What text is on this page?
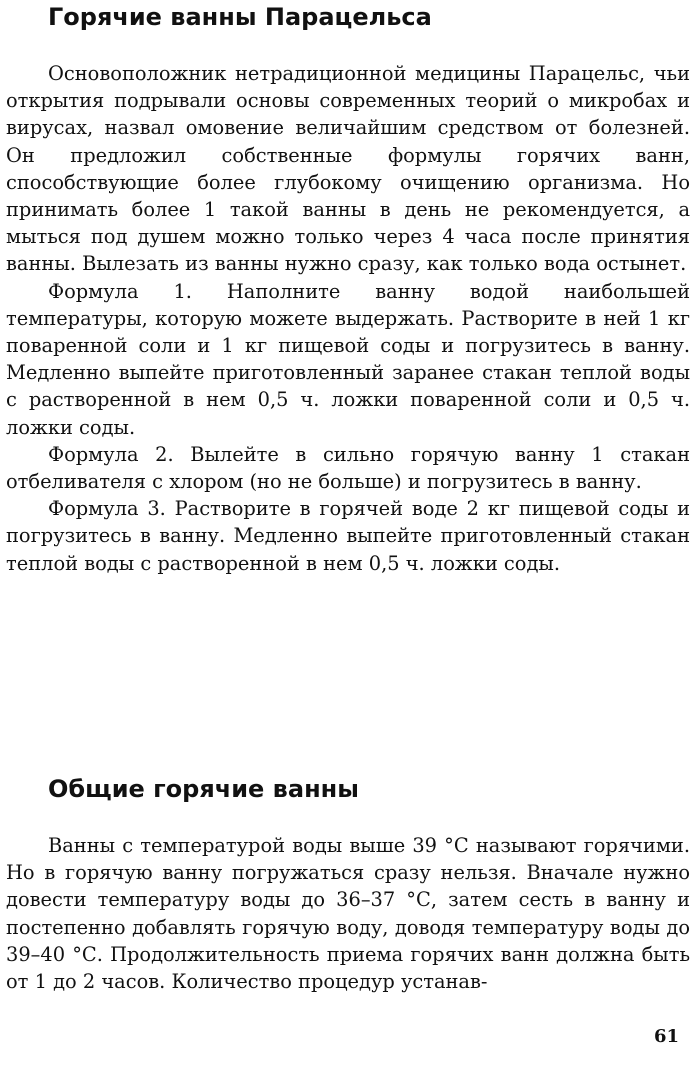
Горячие ванны Парацельса

Основоположник нетрадиционной медицины Парацельс, чьи открытия подрывали основы современных теорий о микробах и вирусах, назвал омовение величайшим средством от болезней. Он предложил собственные формулы горячих ванн, способствующие более глубокому очищению организма. Но принимать более 1 такой ванны в день не рекомендуется, а мыться под душем можно только через 4 часа после принятия ванны. Вылезать из ванны нужно сразу, как только вода остынет.

Формула 1. Наполните ванну водой наибольшей температуры, которую можете выдержать. Растворите в ней 1 кг поваренной соли и 1 кг пищевой соды и погрузитесь в ванну. Медленно выпейте приготовленный заранее стакан теплой воды с растворенной в нем 0,5 ч. ложки поваренной соли и 0,5 ч. ложки соды.

Формула 2. Вылейте в сильно горячую ванну 1 стакан отбеливателя с хлором (но не больше) и погрузитесь в ванну.

Формула 3. Растворите в горячей воде 2 кг пищевой соды и погрузитесь в ванну. Медленно выпейте приготовленный стакан теплой воды с растворенной в нем 0,5 ч. ложки соды.

Общие горячие ванны

Ванны с температурой воды выше 39 °С называют горячими. Но в горячую ванну погружаться сразу нельзя. Вначале нужно довести температуру воды до 36–37 °С, затем сесть в ванну и постепенно добавлять горячую воду, доводя температуру воды до 39–40 °С. Продолжительность приема горячих ванн должна быть от 1 до 2 часов. Количество процедур устанав-

61
